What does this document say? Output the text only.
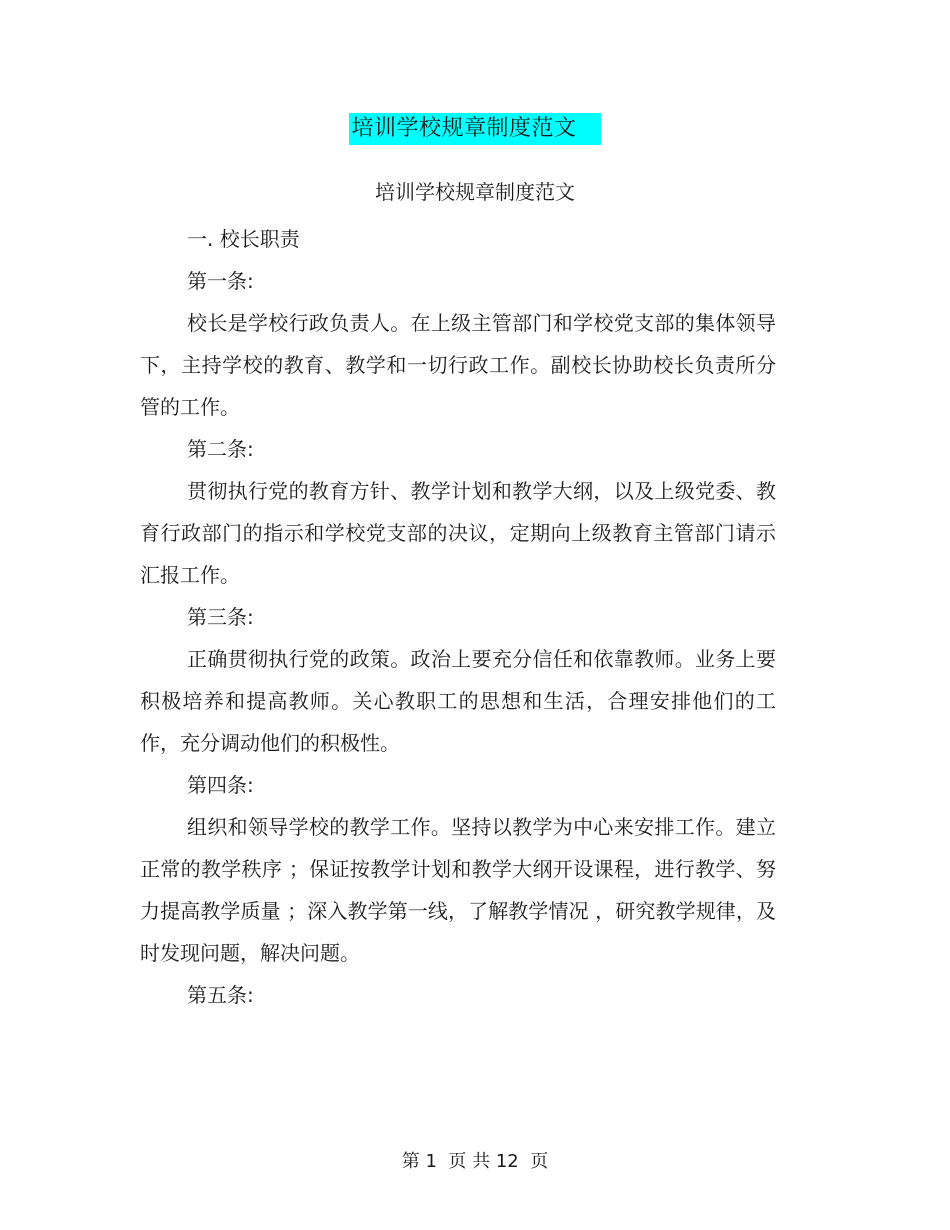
培训学校规章制度范文
培训学校规章制度范文

一. 校长职责

第一条:

校长是学校行政负责人。在上级主管部门和学校党支部的集体领导下，主持学校的教育、教学和一切行政工作。副校长协助校长负责所分管的工作。

第二条:

贯彻执行党的教育方针、教学计划和教学大纲，以及上级党委、教育行政部门的指示和学校党支部的决议，定期向上级教育主管部门请示汇报工作。

第三条:

正确贯彻执行党的政策。政治上要充分信任和依靠教师。业务上要积极培养和提高教师。关心教职工的思想和生活，合理安排他们的工作，充分调动他们的积极性。

第四条:

组织和领导学校的教学工作。坚持以教学为中心来安排工作。建立正常的教学秩序 ；保证按教学计划和教学大纲开设课程，进行教学、努力提高教学质量 ；深入教学第一线，了解教学情况 ，研究教学规律，及时发现问题，解决问题。

第五条:

第 1  页 共 12  页
